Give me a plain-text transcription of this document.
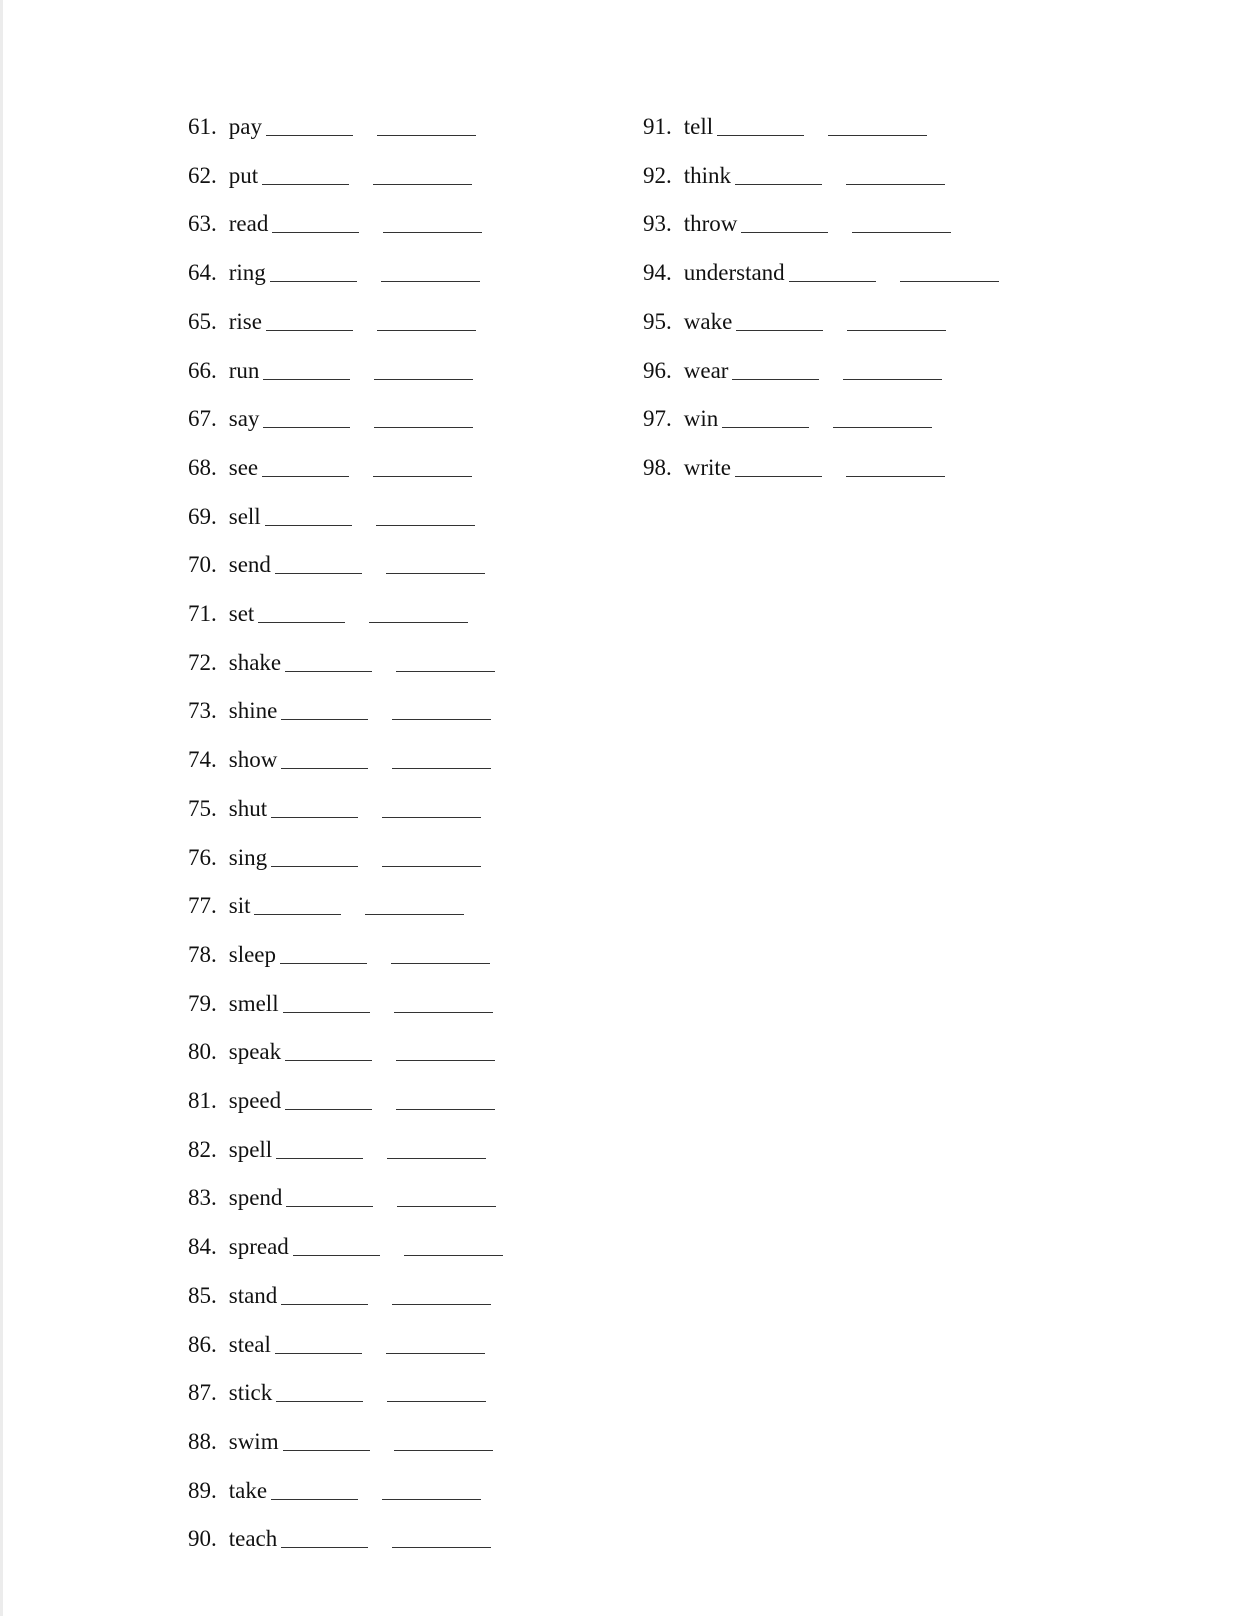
61. pay
62. put
63. read
64. ring
65. rise
66. run
67. say
68. see
69. sell
70. send
71. set
72. shake
73. shine
74. show
75. shut
76. sing
77. sit
78. sleep
79. smell
80. speak
81. speed
82. spell
83. spend
84. spread
85. stand
86. steal
87. stick
88. swim
89. take
90. teach
91. tell
92. think
93. throw
94. understand
95. wake
96. wear
97. win
98. write
